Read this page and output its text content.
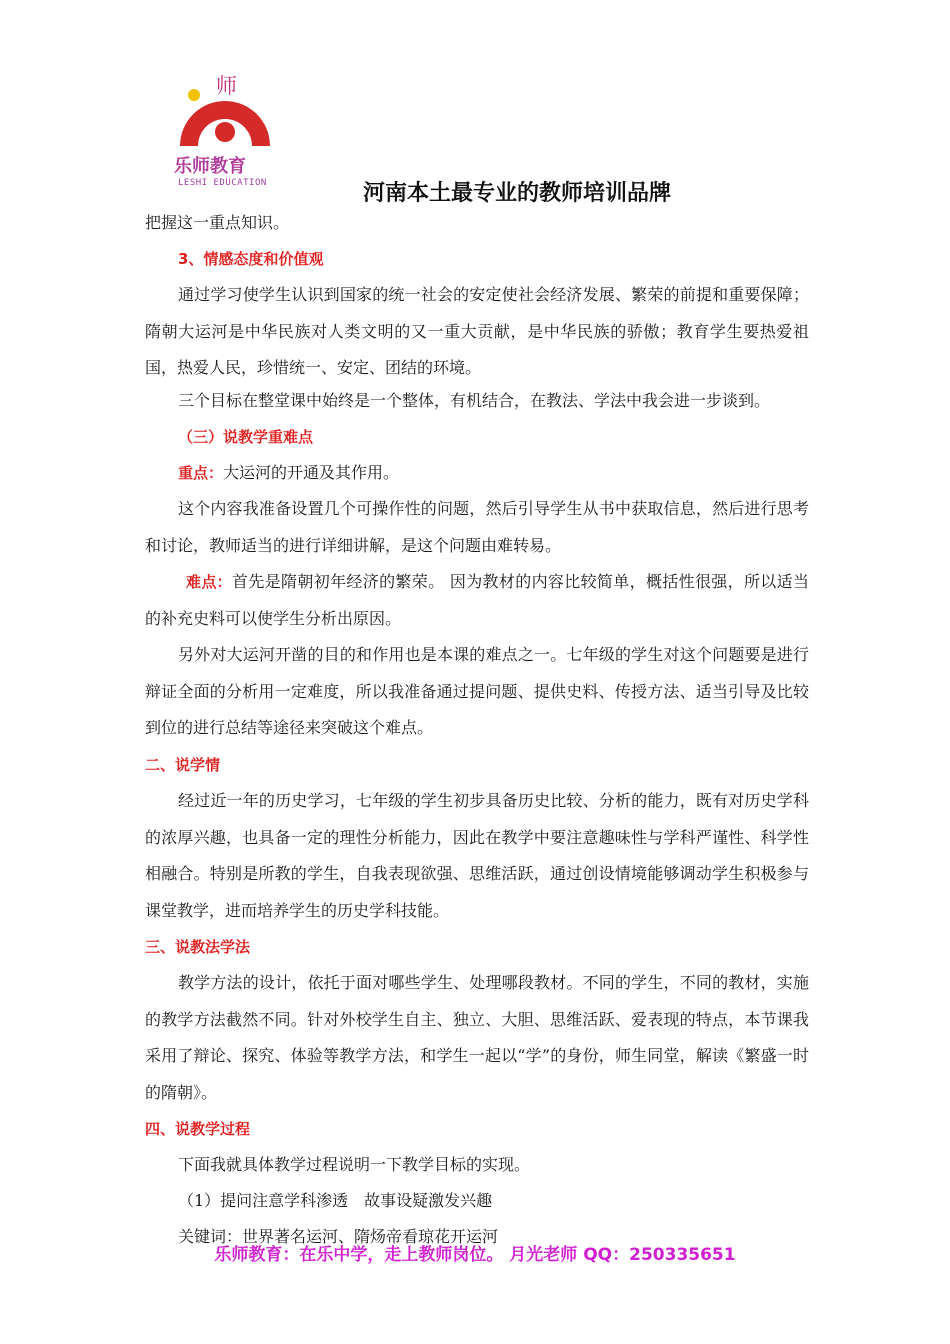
师
乐师教育
LESHI EDUCATION	河南本土最专业的教师培训品牌
把握这一重点知识。
3、情感态度和价值观

通过学习使学生认识到国家的统一社会的安定使社会经济发展、繁荣的前提和重要保障；隋朝大运河是中华民族对人类文明的又一重大贡献，是中华民族的骄傲；教育学生要热爱祖国，热爱人民，珍惜统一、安定、团结的环境。

三个目标在整堂课中始终是一个整体，有机结合，在教法、学法中我会进一步谈到。
（三）说教学重难点
重点：大运河的开通及其作用。

这个内容我准备设置几个可操作性的问题，然后引导学生从书中获取信息，然后进行思考和讨论，教师适当的进行详细讲解，是这个问题由难转易。

难点：首先是隋朝初年经济的繁荣。 因为教材的内容比较简单，概括性很强，所以适当的补充史料可以使学生分析出原因。

另外对大运河开凿的目的和作用也是本课的难点之一。七年级的学生对这个问题要是进行辩证全面的分析用一定难度，所以我准备通过提问题、提供史料、传授方法、适当引导及比较到位的进行总结等途径来突破这个难点。

二、说学情

经过近一年的历史学习，七年级的学生初步具备历史比较、分析的能力，既有对历史学科的浓厚兴趣，也具备一定的理性分析能力，因此在教学中要注意趣味性与学科严谨性、科学性相融合。特别是所教的学生，自我表现欲强、思维活跃，通过创设情境能够调动学生积极参与课堂教学，进而培养学生的历史学科技能。

三、说教法学法

教学方法的设计，依托于面对哪些学生、处理哪段教材。不同的学生，不同的教材，实施的教学方法截然不同。针对外校学生自主、独立、大胆、思维活跃、爱表现的特点，本节课我采用了辩论、探究、体验等教学方法，和学生一起以“学”的身份，师生同堂，解读《繁盛一时的隋朝》。

四、说教学过程
下面我就具体教学过程说明一下教学目标的实现。
（1）提问注意学科渗透　故事设疑激发兴趣
关键词：世界著名运河、隋炀帝看琼花开运河
乐师教育：在乐中学，走上教师岗位。 月光老师 QQ：250335651
